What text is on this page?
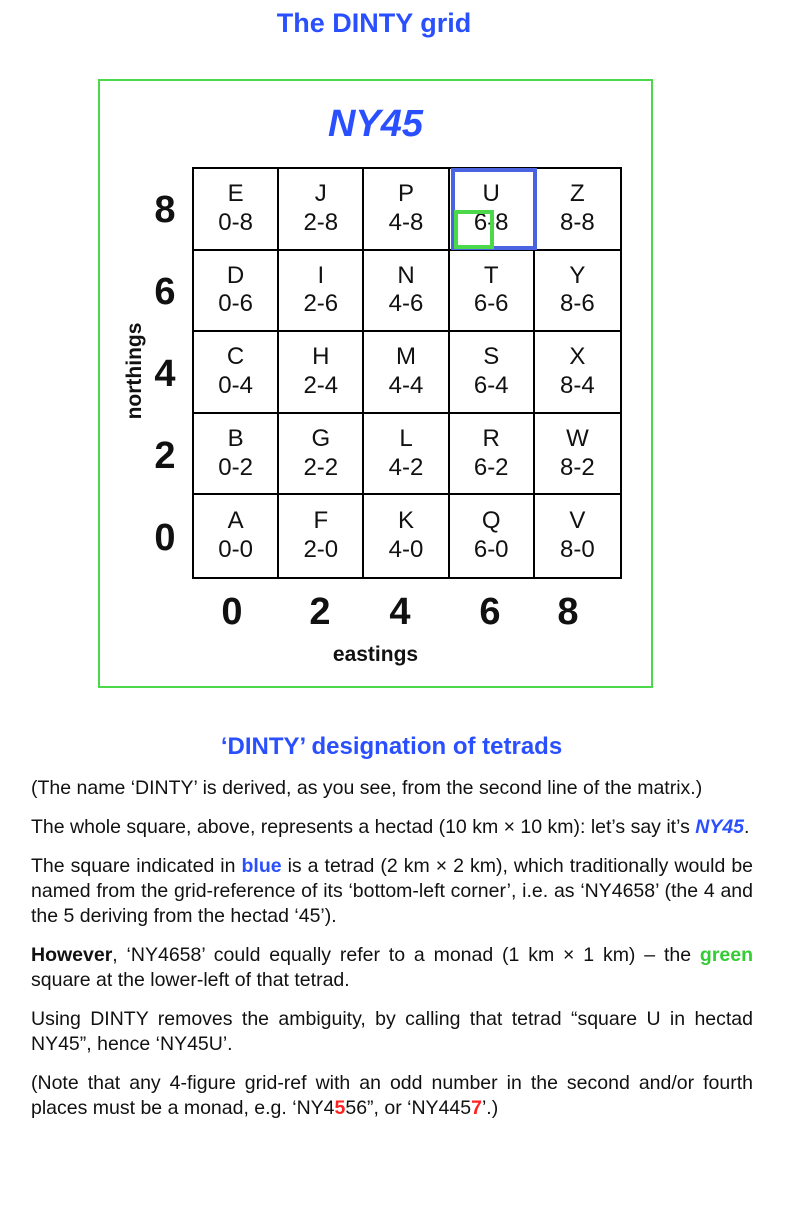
The DINTY grid
NY45
northings
8
6
4
2
0
E
0-8
J
2-8
P
4-8
U
6-8
Z
8-8
D
0-6
I
2-6
N
4-6
T
6-6
Y
8-6
C
0-4
H
2-4
M
4-4
S
6-4
X
8-4
B
0-2
G
2-2
L
4-2
R
6-2
W
8-2
A
0-0
F
2-0
K
4-0
Q
6-0
V
8-0
0 2 4 6 8
eastings
‘DINTY’ designation of tetrads

(The name ‘DINTY’ is derived, as you see, from the second line of the matrix.)

The whole square, above, represents a hectad (10 km × 10 km): let’s say it’s NY45.

The square indicated in blue is a tetrad (2 km × 2 km), which traditionally would be named from the grid-reference of its ‘bottom-left corner’, i.e. as ‘NY4658’ (the 4 and the 5 deriving from the hectad ‘45’).

However, ‘NY4658’ could equally refer to a monad (1 km × 1 km) – the green square at the lower-left of that tetrad.

Using DINTY removes the ambiguity, by calling that tetrad “square U in hectad NY45”, hence ‘NY45U’.

(Note that any 4-figure grid-ref with an odd number in the second and/or fourth places must be a monad, e.g. ‘NY4556”, or ‘NY4457’.)
